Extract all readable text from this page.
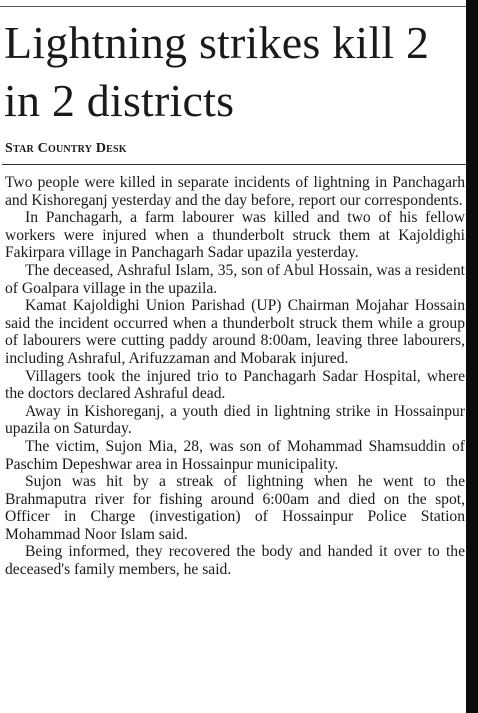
Lightning strikes kill 2 in 2 districts
Star Country Desk

Two people were killed in separate incidents of lightning in Panchagarh and Kishoreganj yesterday and the day before, report our correspondents.

In Panchagarh, a farm labourer was killed and two of his fellow workers were injured when a thunderbolt struck them at Kajoldighi Fakirpara village in Panchagarh Sadar upazila yesterday.

The deceased, Ashraful Islam, 35, son of Abul Hossain, was a resident of Goalpara village in the upazila.

Kamat Kajoldighi Union Parishad (UP) Chairman Mojahar Hossain said the incident occurred when a thunderbolt struck them while a group of labourers were cutting paddy around 8:00am, leaving three labourers, including Ashraful, Arifuzzaman and Mobarak injured.

Villagers took the injured trio to Panchagarh Sadar Hospital, where the doctors declared Ashraful dead.

Away in Kishoreganj, a youth died in lightning strike in Hossainpur upazila on Saturday.

The victim, Sujon Mia, 28, was son of Mohammad Shamsuddin of Paschim Depeshwar area in Hossainpur municipality.

Sujon was hit by a streak of lightning when he went to the Brahmaputra river for fishing around 6:00am and died on the spot, Officer in Charge (investigation) of Hossainpur Police Station Mohammad Noor Islam said.

Being informed, they recovered the body and handed it over to the deceased's family members, he said.
